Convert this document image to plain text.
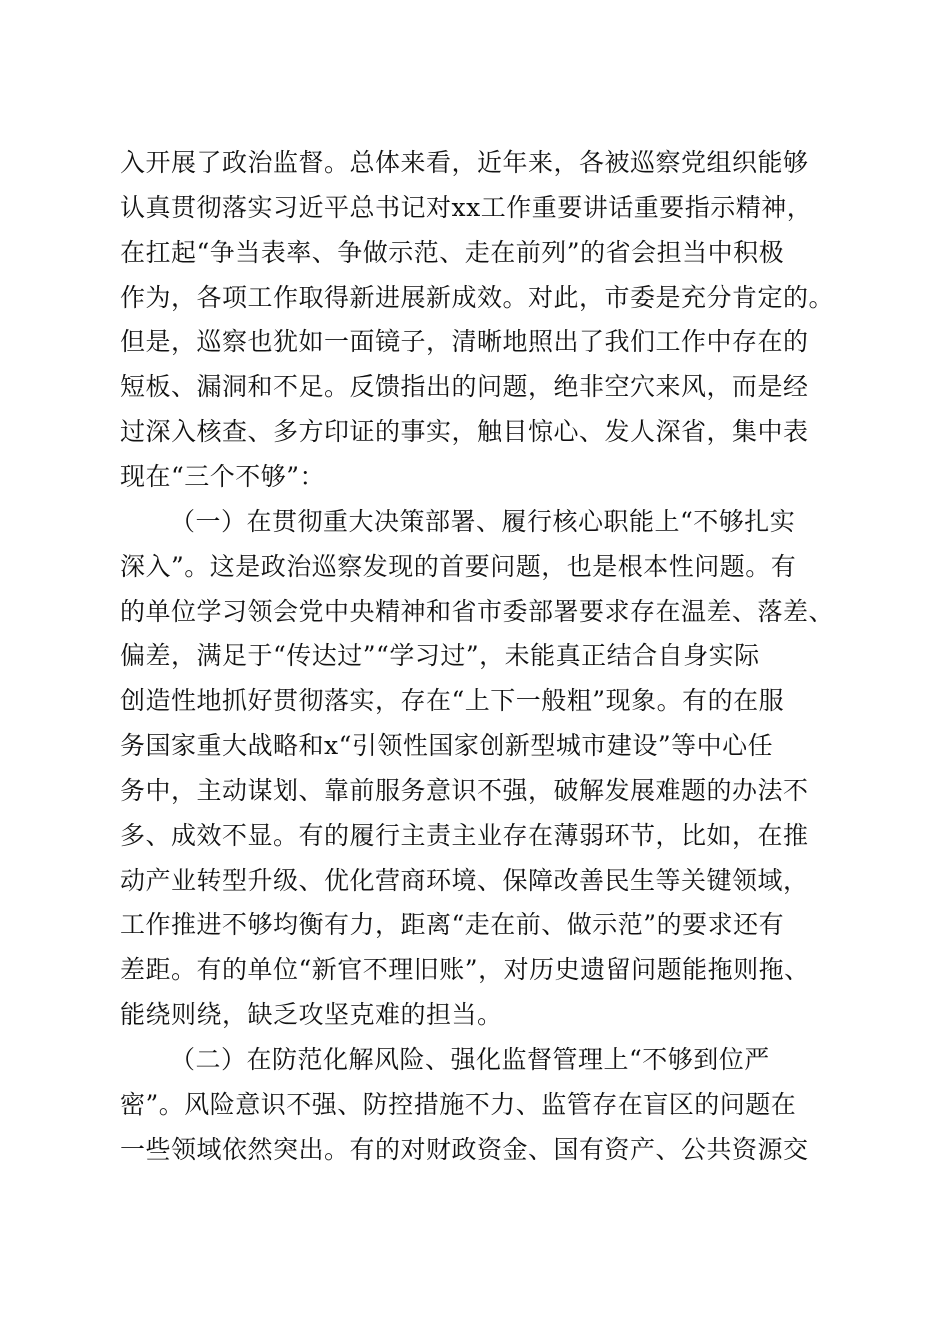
入开展了政治监督。总体来看，近年来，各被巡察党组织能够
认真贯彻落实习近平总书记对xx工作重要讲话重要指示精神，
在扛起“争当表率、争做示范、走在前列”的省会担当中积极
作为，各项工作取得新进展新成效。对此，市委是充分肯定的。
但是，巡察也犹如一面镜子，清晰地照出了我们工作中存在的
短板、漏洞和不足。反馈指出的问题，绝非空穴来风，而是经
过深入核查、多方印证的事实，触目惊心、发人深省，集中表
现在“三个不够”：
（一）在贯彻重大决策部署、履行核心职能上“不够扎实
深入”。这是政治巡察发现的首要问题，也是根本性问题。有
的单位学习领会党中央精神和省市委部署要求存在温差、落差、
偏差，满足于“传达过”“学习过”，未能真正结合自身实际
创造性地抓好贯彻落实，存在“上下一般粗”现象。有的在服
务国家重大战略和x“引领性国家创新型城市建设”等中心任
务中，主动谋划、靠前服务意识不强，破解发展难题的办法不
多、成效不显。有的履行主责主业存在薄弱环节，比如，在推
动产业转型升级、优化营商环境、保障改善民生等关键领域，
工作推进不够均衡有力，距离“走在前、做示范”的要求还有
差距。有的单位“新官不理旧账”，对历史遗留问题能拖则拖、
能绕则绕，缺乏攻坚克难的担当。
（二）在防范化解风险、强化监督管理上“不够到位严
密”。风险意识不强、防控措施不力、监管存在盲区的问题在
一些领域依然突出。有的对财政资金、国有资产、公共资源交
